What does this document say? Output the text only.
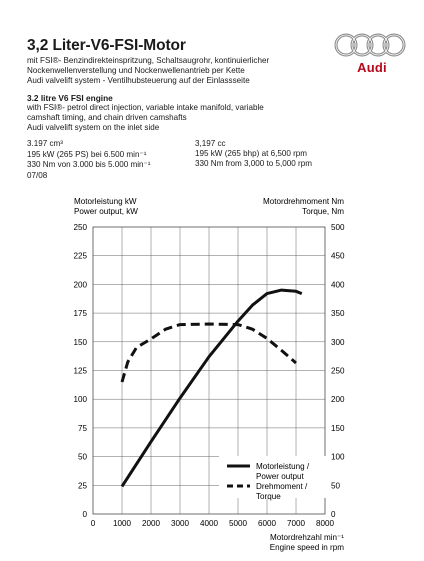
3,2 Liter-V6-FSI-Motor
mit FSI®- Benzindirekteinspritzung, Schaltsaugrohr, kontinuierlicher
Nockenwellenverstellung und Nockenwellenantrieb per Kette
Audi valvelift system - Ventilhubsteuerung auf der Einlassseite
3.2 litre V6 FSI engine
with FSI®- petrol direct injection, variable intake manifold, variable
camshaft timing, and chain driven camshafts
Audi valvelift system on the inlet side
3.197 cm³
195 kW (265 PS) bei 6.500 min⁻¹
330 Nm von 3.000 bis 5.000 min⁻¹
3,197 cc
195 kW (265 bhp) at 6,500 rpm
330 Nm from 3,000 to 5,000 rpm
07/08
Audi
Motorleistung kW
Power output, kW
Motordrehmoment Nm
Torque, Nm
Motordrehzahl min⁻¹
Engine speed in rpm
0 1000 2000 3000 4000 5000 6000 7000 8000
0
25
50
75
100
125
150
175
200
225
250
0
50
100
150
200
250
300
350
400
450
500
Motorleistung /
Power output
Drehmoment /
Torque
